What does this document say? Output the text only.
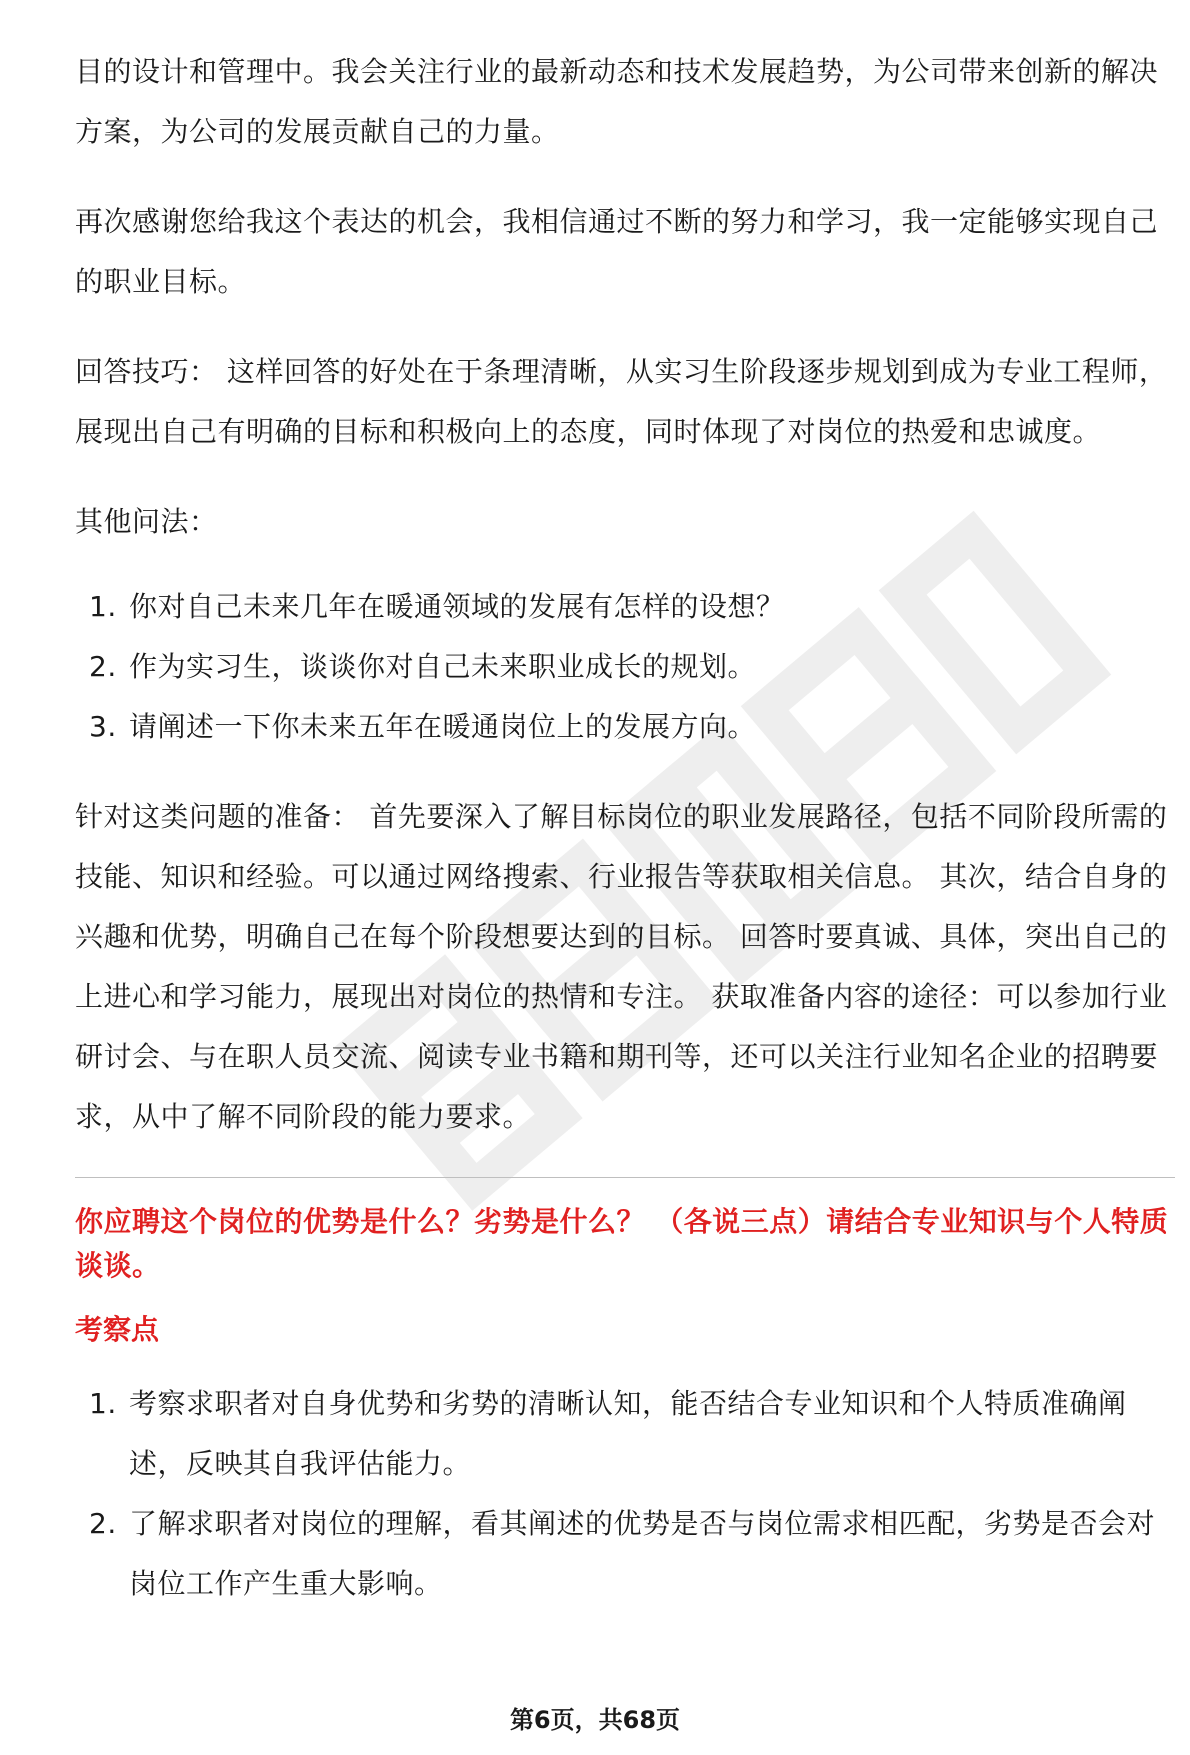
目的设计和管理中。我会关注行业的最新动态和技术发展趋势，为公司带来创新的解决方案，为公司的发展贡献自己的力量。

再次感谢您给我这个表达的机会，我相信通过不断的努力和学习，我一定能够实现自己的职业目标。

回答技巧： 这样回答的好处在于条理清晰，从实习生阶段逐步规划到成为专业工程师，展现出自己有明确的目标和积极向上的态度，同时体现了对岗位的热爱和忠诚度。

其他问法：

1. 你对自己未来几年在暖通领域的发展有怎样的设想？
2. 作为实习生，谈谈你对自己未来职业成长的规划。
3. 请阐述一下你未来五年在暖通岗位上的发展方向。

针对这类问题的准备： 首先要深入了解目标岗位的职业发展路径，包括不同阶段所需的技能、知识和经验。可以通过网络搜索、行业报告等获取相关信息。 其次，结合自身的兴趣和优势，明确自己在每个阶段想要达到的目标。 回答时要真诚、具体，突出自己的上进心和学习能力，展现出对岗位的热情和专注。 获取准备内容的途径：可以参加行业研讨会、与在职人员交流、阅读专业书籍和期刊等，还可以关注行业知名企业的招聘要求，从中了解不同阶段的能力要求。

你应聘这个岗位的优势是什么？劣势是什么？ （各说三点）请结合专业知识与个人特质谈谈。

考察点

1. 考察求职者对自身优势和劣势的清晰认知，能否结合专业知识和个人特质准确阐述，反映其自我评估能力。
2. 了解求职者对岗位的理解，看其阐述的优势是否与岗位需求相匹配，劣势是否会对岗位工作产生重大影响。
第6页，共68页
